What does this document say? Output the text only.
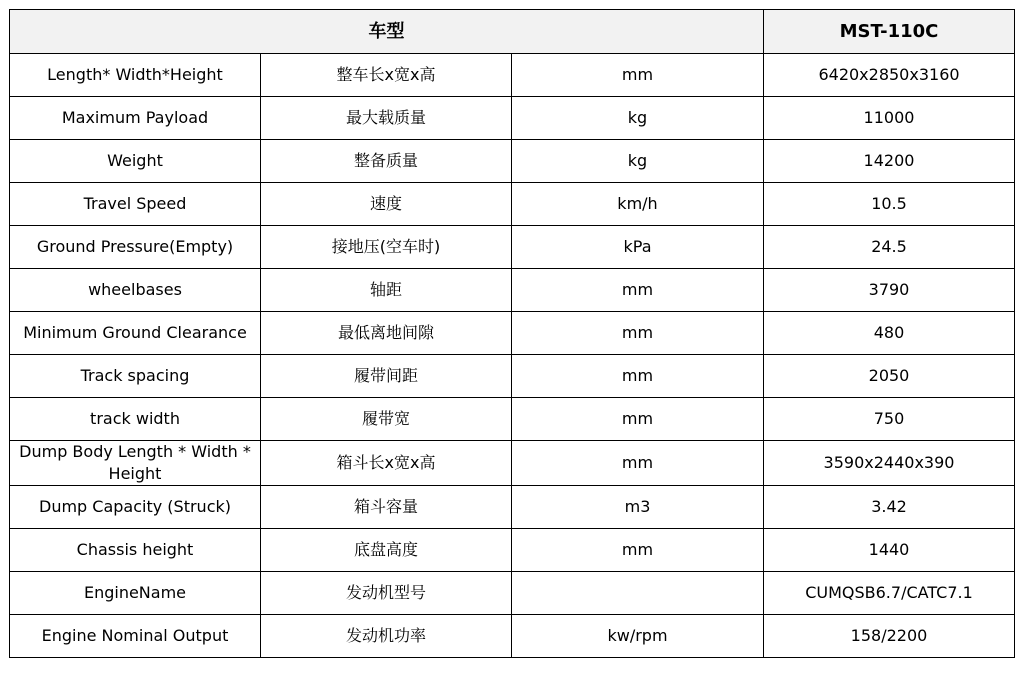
车型			MST-110C
Length* Width*Height	整车长x宽x高	mm	6420x2850x3160
Maximum Payload	最大载质量	kg	11000
Weight	整备质量	kg	14200
Travel Speed	速度	km/h	10.5
Ground Pressure(Empty)	接地压(空车时)	kPa	24.5
wheelbases	轴距	mm	3790
Minimum Ground Clearance	最低离地间隙	mm	480
Track spacing	履带间距	mm	2050
track width	履带宽	mm	750
Dump Body Length * Width * Height	箱斗长x宽x高	mm	3590x2440x390
Dump Capacity (Struck)	箱斗容量	m3	3.42
Chassis height	底盘高度	mm	1440
EngineName	发动机型号		CUMQSB6.7/CATC7.1
Engine Nominal Output	发动机功率	kw/rpm	158/2200
